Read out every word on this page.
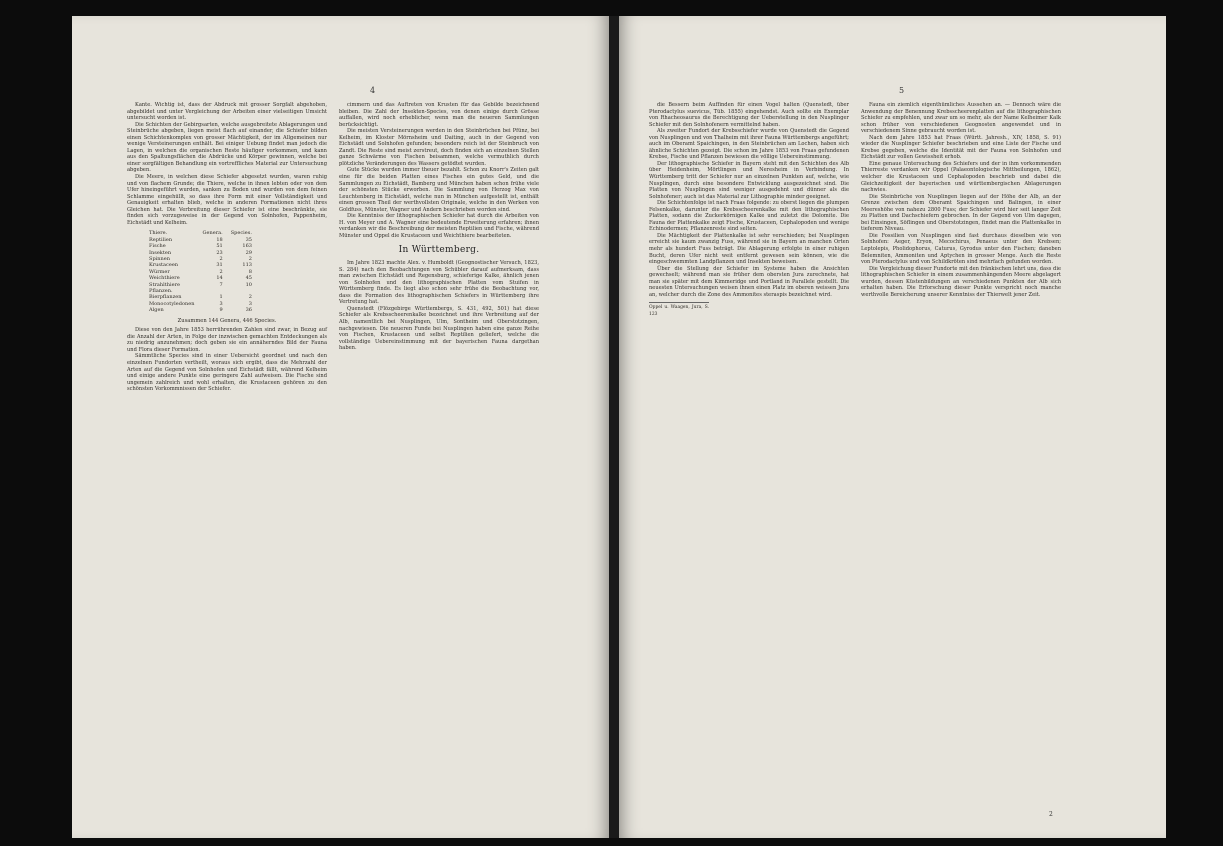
4

Kante. Wichtig ist, dass der Abdruck mit grosser Sorgfalt abgehoben, abgebildet und unter Vergleichung der Arbeiten einer vielseitigen Umsicht untersucht worden ist.

Die Schichten der Gebirgsarten, welche ausgebreitete Ablagerungen und Steinbrüche abgeben, liegen meist flach auf einander, die Schiefer bilden einen Schichtenkomplex von grosser Mächtigkeit, der im Allgemeinen nur wenige Versteinerungen enthält. Bei einiger Uebung findet man jedoch die Lagen, in welchen die organischen Reste häufiger vorkommen, und kann aus den Spaltungsflächen die Abdrücke und Körper gewinnen, welche bei einer sorgfältigen Behandlung ein vortreffliches Material zur Untersuchung abgeben.

Die Meere, in welchen diese Schiefer abgesetzt wurden, waren ruhig und von flachem Grunde; die Thiere, welche in ihnen lebten oder von dem Ufer hineingeführt wurden, sanken zu Boden und wurden von dem feinen Schlamme eingehüllt, so dass ihre Form mit einer Vollständigkeit und Genauigkeit erhalten blieb, welche in anderen Formationen nicht ihres Gleichen hat. Die Verbreitung dieser Schiefer ist eine beschränkte, sie finden sich vorzugsweise in der Gegend von Solnhofen, Pappenheim, Eichstädt und Kelheim.

Thiere.	Genera.	Species.
Reptilien	18	35
Fische	51	163
Insekten	23	29
Spinnen	2	2
Krustaceen	31	113
Würmer	2	8
Weichthiere	14	45
Strahlthiere	7	10
Pflanzen.		
Bierpflanzen	1	2
Monocotyledonen	3	3
Algen	9	36
Zusammen 144 Genera, 446 Species.

Diese von den Jahre 1853 herrührenden Zahlen sind zwar, in Bezug auf die Anzahl der Arten, in Folge der inzwischen gemachten Entdeckungen als zu niedrig anzunehmen; doch geben sie ein annäherndes Bild der Fauna und Flora dieser Formation.

Sämmtliche Species sind in einer Uebersicht geordnet und nach den einzelnen Fundorten vertheilt, woraus sich ergibt, dass die Mehrzahl der Arten auf die Gegend von Solnhofen und Eichstädt fällt, während Kelheim und einige andere Punkte eine geringere Zahl aufweisen. Die Fische sind ungemein zahlreich und wohl erhalten, die Krustaceen gehören zu den schönsten Vorkommnissen der Schiefer.

cimmern und das Auftreten von Krusten für das Gebilde bezeichnend bleiben. Die Zahl der Insekten-Species, von denen einige durch Grösse auffallen, wird noch erheblicher, wenn man die neueren Sammlungen berücksichtigt.

Die meisten Versteinerungen werden in den Steinbrüchen bei Pfünz, bei Kelheim, im Kloster Mörnsheim und Daiting, auch in der Gegend von Eichstädt und Solnhofen gefunden; besonders reich ist der Steinbruch von Zandt. Die Reste sind meist zerstreut, doch finden sich an einzelnen Stellen ganze Schwärme von Fischen beisammen, welche vermuthlich durch plötzliche Veränderungen des Wassers getödtet wurden.

Gute Stücke wurden immer theuer bezahlt. Schon zu Knorr's Zeiten galt eine für die beiden Platten eines Fisches ein gutes Geld, und die Sammlungen zu Eichstädt, Bamberg und München haben schon frühe viele der schönsten Stücke erworben. Die Sammlung von Herzog Max von Leuchtenberg in Eichstädt, welche nun in München aufgestellt ist, enthält einen grossen Theil der werthvollsten Originale, welche in den Werken von Goldfuss, Münster, Wagner und Andern beschrieben worden sind.

Die Kenntniss der lithographischen Schiefer hat durch die Arbeiten von H. von Meyer und A. Wagner eine bedeutende Erweiterung erfahren; ihnen verdanken wir die Beschreibung der meisten Reptilien und Fische, während Münster und Oppel die Krustaceen und Weichthiere bearbeiteten.

In Württemberg.

Im Jahre 1823 machte Alex. v. Humboldt (Geognostischer Versuch, 1823, S. 284) nach den Beobachtungen von Schübler darauf aufmerksam, dass man zwischen Eichstädt und Regensburg, schieferige Kalke, ähnlich jenen von Solnhofen und den lithographischen Platten vom Stuifen in Württemberg finde. Es liegt also schon sehr frühe die Beobachtung vor, dass die Formation des lithographischen Schiefers in Württemberg ihre Vertretung hat.

Quenstedt (Flözgebirge Württembergs, S. 431, 492, 501) hat diese Schiefer als Krebsscheerenkalke bezeichnet und ihre Verbreitung auf der Alb, namentlich bei Nusplingen, Ulm, Sontheim und Oberstotzingen, nachgewiesen. Die neueren Funde bei Nusplingen haben eine ganze Reihe von Fischen, Krustaceen und selbst Reptilien geliefert, welche die vollständige Uebereinstimmung mit der bayerischen Fauna dargethan haben.

5

die Bessern beim Auffinden für einen Vogel halten (Quenstedt, über Pterodactylus suevicus, Tüb. 1855) eingehendst. Auch sollte ein Exemplar von Rhacheosaurus die Berechtigung der Ueberstellung in den Nusplinger Schiefer mit den Solnhofenern vermittelnd haben.

Als zweiter Fundort der Krebsschiefer wurde von Quenstedt die Gegend von Nusplingen und von Thalheim mit ihrer Fauna Württembergs angeführt; auch im Oberamt Spaichingen, in den Steinbrüchen am Lochen, haben sich ähnliche Schichten gezeigt. Die schon im Jahre 1853 von Fraas gefundenen Krebse, Fische und Pflanzen bewiesen die völlige Uebereinstimmung.

Der lithographische Schiefer in Bayern steht mit den Schichten des Alb über Heidenheim, Mörtlingen und Neresheim in Verbindung. In Württemberg tritt der Schiefer nur an einzelnen Punkten auf, welche, wie Nusplingen, durch eine besondere Entwicklung ausgezeichnet sind. Die Platten von Nusplingen sind weniger ausgedehnt und dünner als die Solnhofener; auch ist das Material zur Lithographie minder geeignet.

Die Schichtenfolge ist nach Fraas folgende: zu oberst liegen die plumpen Felsenkalke, darunter die Krebsscheerenkalke mit den lithographischen Platten, sodann die Zuckerkörnigen Kalke und zuletzt die Dolomite. Die Fauna der Plattenkalke zeigt Fische, Krustaceen, Cephalopoden und wenige Echinodermen; Pflanzenreste sind selten.

Die Mächtigkeit der Plattenkalke ist sehr verschieden; bei Nusplingen erreicht sie kaum zwanzig Fuss, während sie in Bayern an manchen Orten mehr als hundert Fuss beträgt. Die Ablagerung erfolgte in einer ruhigen Bucht, deren Ufer nicht weit entfernt gewesen sein können, wie die eingeschwemmten Landpflanzen und Insekten beweisen.

Über die Stellung der Schiefer im Systeme haben die Ansichten gewechselt; während man sie früher dem obersten Jura zurechnete, hat man sie später mit dem Kimmeridge und Portland in Parallele gestellt. Die neuesten Untersuchungen weisen ihnen einen Platz im oberen weissen Jura an, welcher durch die Zone des Ammonites steraspis bezeichnet wird.

Oppel u. Waagen, Jura, S. 123

Fauna ein ziemlich eigenthümliches Aussehen an. — Dennoch wäre die Anwendung der Benennung Krebsscheerenplatten auf die lithographischen Schiefer zu empfehlen, und zwar um so mehr, als der Name Kelheimer Kalk schon früher von verschiedenen Geognosten angewendet und in verschiedenem Sinne gebraucht worden ist.

Nach dem Jahre 1853 hat Fraas (Württ. Jahresh., XIV, 1858, S. 91) wieder die Nusplinger Schiefer beschrieben und eine Liste der Fische und Krebse gegeben, welche die Identität mit der Fauna von Solnhofen und Eichstädt zur vollen Gewissheit erhob.

Eine genaue Untersuchung des Schiefers und der in ihm vorkommenden Thierreste verdanken wir Oppel (Palaeontologische Mittheilungen, 1862), welcher die Krustaceen und Cephalopoden beschrieb und dabei die Gleichzeitigkeit der bayerischen und württembergischen Ablagerungen nachwies.

Die Steinbrüche von Nusplingen liegen auf der Höhe der Alb, an der Grenze zwischen dem Oberamt Spaichingen und Balingen, in einer Meereshöhe von nahezu 2800 Fuss; der Schiefer wird hier seit langer Zeit zu Platten und Dachschiefern gebrochen. In der Gegend von Ulm dagegen, bei Einsingen, Söflingen und Oberstotzingen, findet man die Plattenkalke in tieferem Niveau.

Die Fossilien von Nusplingen sind fast durchaus dieselben wie von Solnhofen: Aeger, Eryon, Mecochirus, Penaeus unter den Krebsen; Leptolepis, Pholidophorus, Caturus, Gyrodus unter den Fischen; daneben Belemniten, Ammoniten und Aptychen in grosser Menge. Auch die Reste von Pterodactylus und von Schildkröten sind mehrfach gefunden worden.

Die Vergleichung dieser Fundorte mit den fränkischen lehrt uns, dass die lithographischen Schiefer in einem zusammenhängenden Meere abgelagert wurden, dessen Küstenbildungen an verschiedenen Punkten der Alb sich erhalten haben. Die Erforschung dieser Punkte verspricht noch manche werthvolle Bereicherung unserer Kenntniss der Thierwelt jener Zeit.

2
